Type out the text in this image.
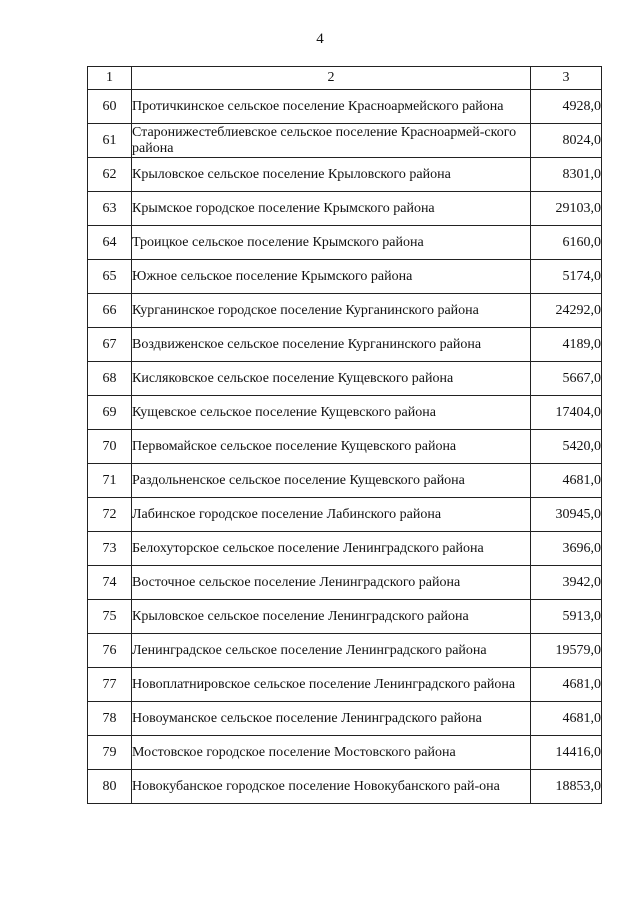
4
1	2	3
60	Протичкинское сельское поселение Красноармейского района	4928,0
61	Старонижестеблиевское сельское поселение Красноармей-ского района	8024,0
62	Крыловское сельское поселение Крыловского района	8301,0
63	Крымское городское поселение Крымского района	29103,0
64	Троицкое сельское поселение Крымского района	6160,0
65	Южное сельское поселение Крымского района	5174,0
66	Курганинское городское поселение Курганинского района	24292,0
67	Воздвиженское сельское поселение Курганинского района	4189,0
68	Кисляковское сельское поселение Кущевского района	5667,0
69	Кущевское сельское поселение Кущевского района	17404,0
70	Первомайское сельское поселение Кущевского района	5420,0
71	Раздольненское сельское поселение Кущевского района	4681,0
72	Лабинское городское поселение Лабинского района	30945,0
73	Белохуторское сельское поселение Ленинградского района	3696,0
74	Восточное сельское поселение Ленинградского района	3942,0
75	Крыловское сельское поселение Ленинградского района	5913,0
76	Ленинградское сельское поселение Ленинградского района	19579,0
77	Новоплатнировское сельское поселение Ленинградского района	4681,0
78	Новоуманское сельское поселение Ленинградского района	4681,0
79	Мостовское городское поселение Мостовского района	14416,0
80	Новокубанское городское поселение Новокубанского рай-она	18853,0
